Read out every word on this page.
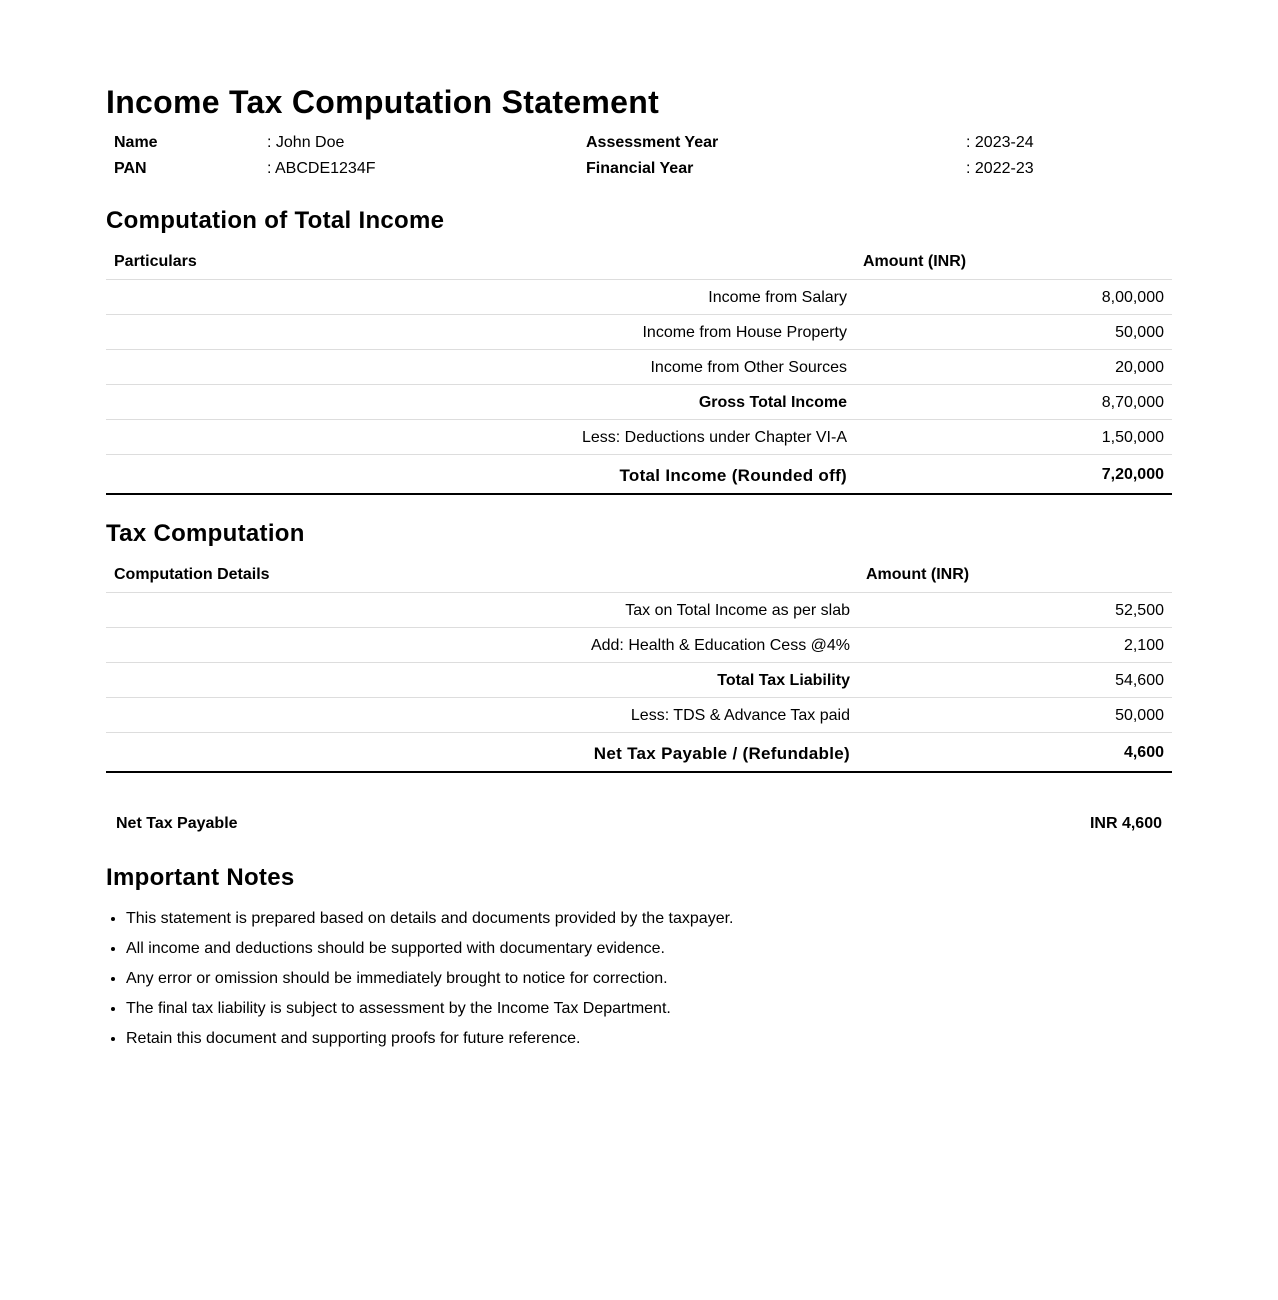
Income Tax Computation Statement
Name	: John Doe	Assessment Year	: 2023-24
PAN	: ABCDE1234F	Financial Year	: 2022-23
Computation of Total Income
Particulars	Amount (INR)
Income from Salary	8,00,000
Income from House Property	50,000
Income from Other Sources	20,000
Gross Total Income	8,70,000
Less: Deductions under Chapter VI-A	1,50,000
Total Income (Rounded off)	7,20,000
Tax Computation
Computation Details	Amount (INR)
Tax on Total Income as per slab	52,500
Add: Health & Education Cess @4%	2,100
Total Tax Liability	54,600
Less: TDS & Advance Tax paid	50,000
Net Tax Payable / (Refundable)	4,600
Net Tax Payable	INR 4,600
Important Notes
• This statement is prepared based on details and documents provided by the taxpayer.
• All income and deductions should be supported with documentary evidence.
• Any error or omission should be immediately brought to notice for correction.
• The final tax liability is subject to assessment by the Income Tax Department.
• Retain this document and supporting proofs for future reference.
